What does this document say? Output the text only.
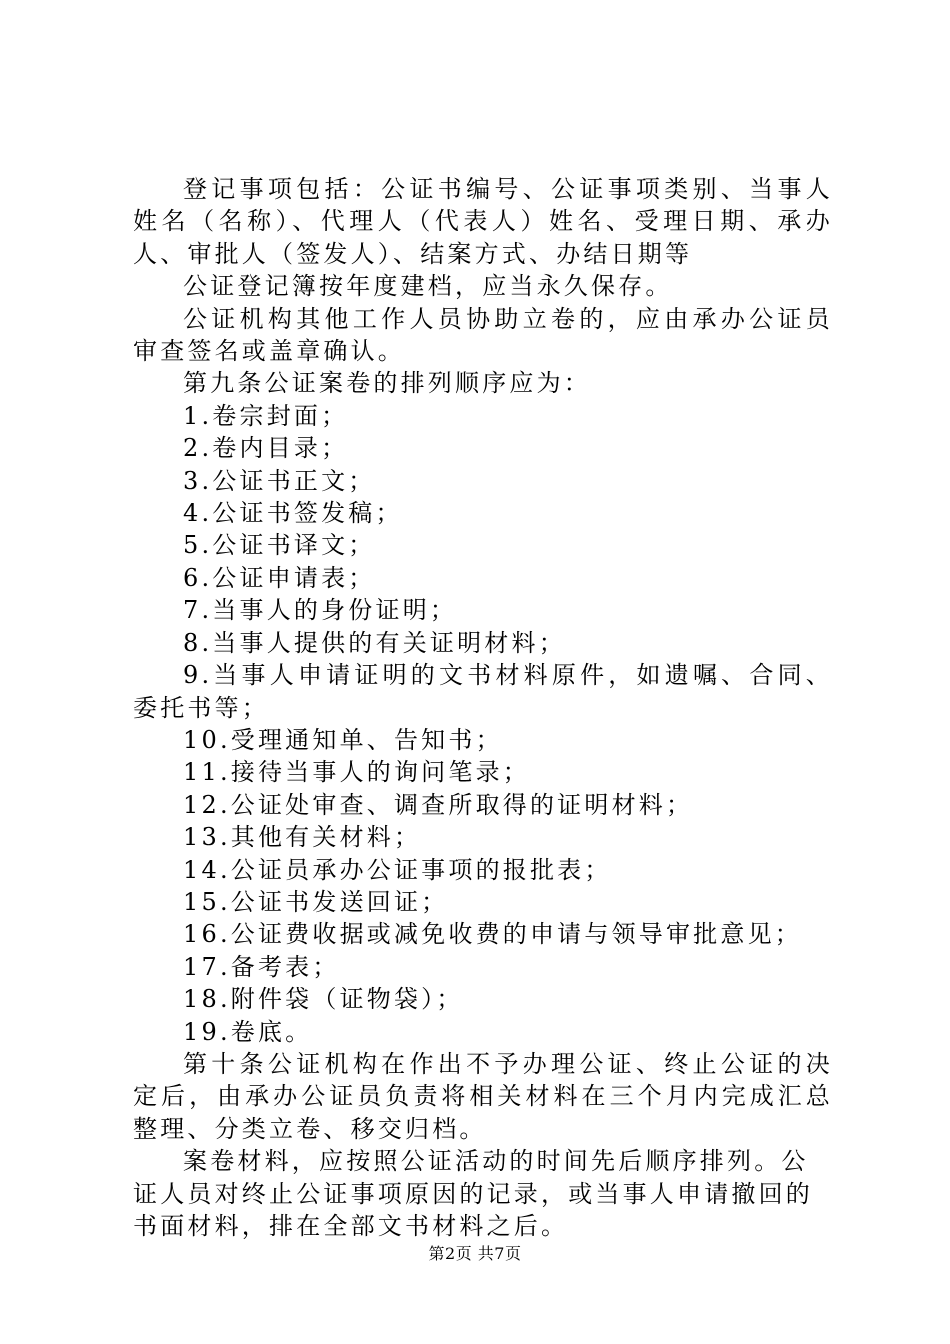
登记事项包括：公证书编号、公证事项类别、当事人姓名（名称）、代理人（代表人）姓名、受理日期、承办人、审批人（签发人）、结案方式、办结日期等

公证登记簿按年度建档，应当永久保存。

公证机构其他工作人员协助立卷的，应由承办公证员审查签名或盖章确认。

第九条公证案卷的排列顺序应为：

1.卷宗封面；

2.卷内目录；

3.公证书正文；

4.公证书签发稿；

5.公证书译文；

6.公证申请表；

7.当事人的身份证明；

8.当事人提供的有关证明材料；

9.当事人申请证明的文书材料原件，如遗嘱、合同、委托书等；

10.受理通知单、告知书；

11.接待当事人的询问笔录；

12.公证处审查、调查所取得的证明材料；

13.其他有关材料；

14.公证员承办公证事项的报批表；

15.公证书发送回证；

16.公证费收据或减免收费的申请与领导审批意见；

17.备考表；

18.附件袋（证物袋）；

19.卷底。

第十条公证机构在作出不予办理公证、终止公证的决定后，由承办公证员负责将相关材料在三个月内完成汇总整理、分类立卷、移交归档。

案卷材料，应按照公证活动的时间先后顺序排列。公证人员对终止公证事项原因的记录，或当事人申请撤回的书面材料，排在全部文书材料之后。

第2页 共7页
